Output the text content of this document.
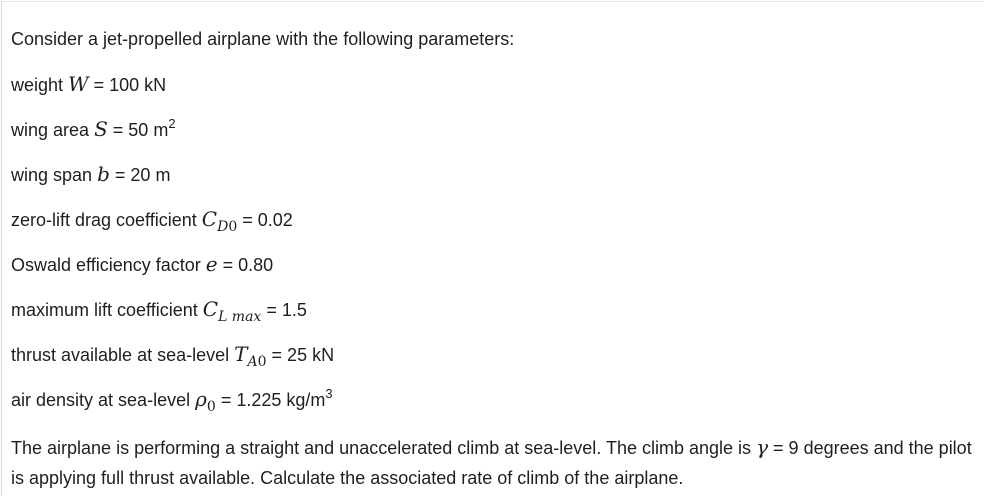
Consider a jet-propelled airplane with the following parameters:
weight W = 100 kN
wing area S = 50 $m^2$
wing span b = 20 m
zero-lift drag coefficient $C_{D0} = 0.02$
Oswald efficiency factor e = 0.80
maximum lift coefficient $C_{L max} = 1.5$
thrust available at sea-level $T_{A0} = 25$ kN
air density at sea-level $\rho_0 = 1.225$ $kg/m^3$
The airplane is performing a straight and unaccelerated climb at sea-level. The climb angle is γ = 9 degrees and the pilot is applying full thrust available. Calculate the associated rate of climb of the airplane.
